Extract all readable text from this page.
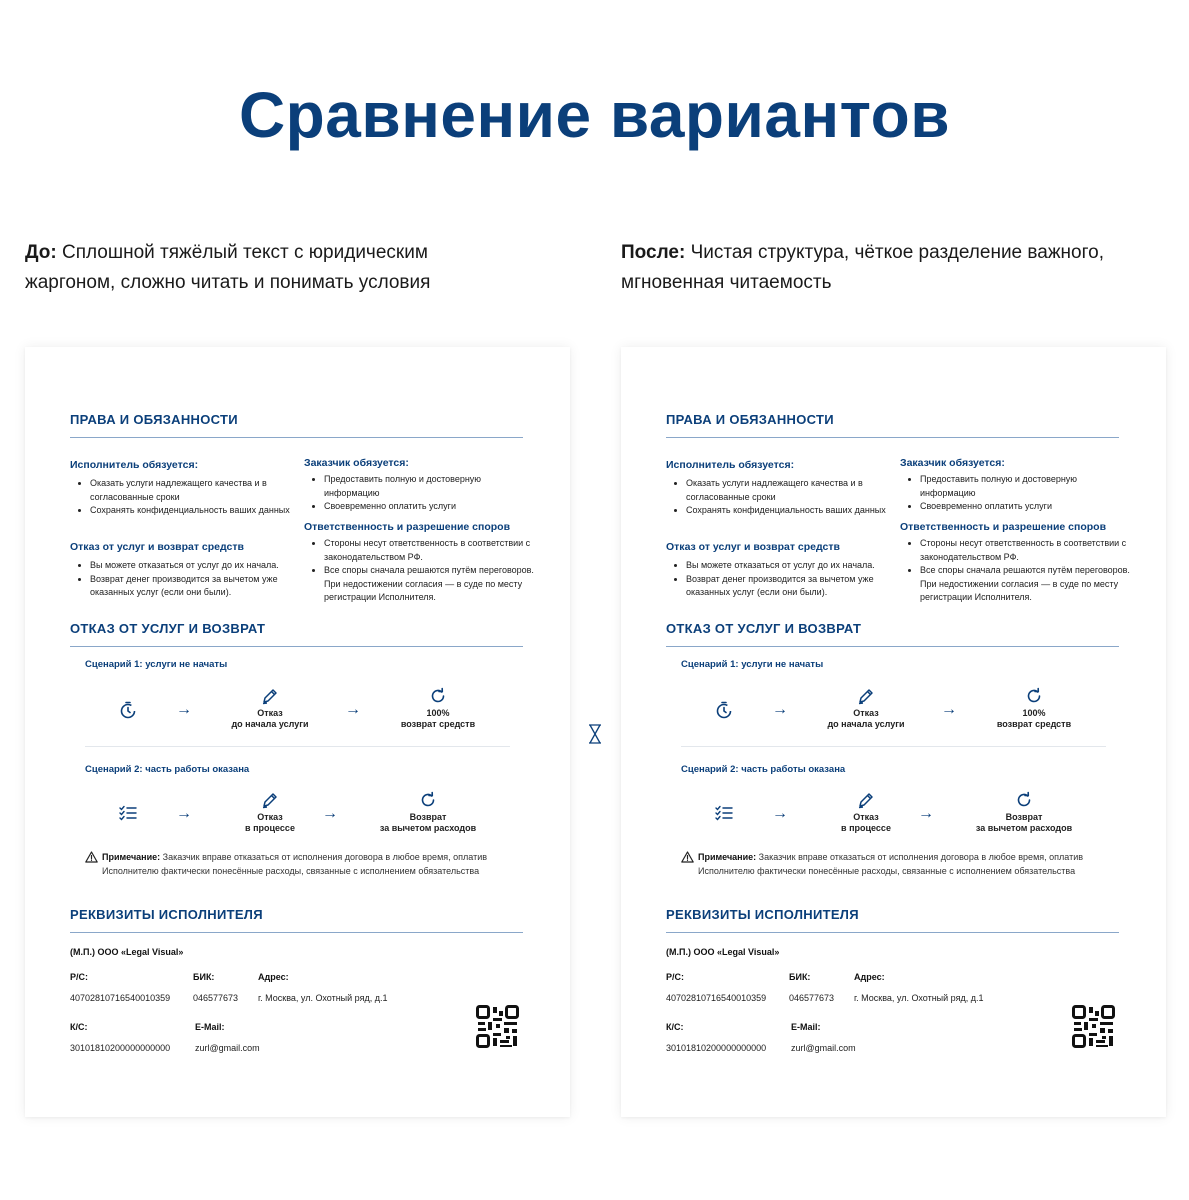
Сравнение вариантов
До: Сплошной тяжёлый текст с юридическим жаргоном, сложно читать и понимать условия
После: Чистая структура, чёткое разделение важного, мгновенная читаемость
ПРАВА И ОБЯЗАННОСТИ
Исполнитель обязуется:
• Оказать услуги надлежащего качества и в согласованные сроки
• Сохранять конфиденциальность ваших данных
Отказ от услуг и возврат средств
• Вы можете отказаться от услуг до их начала.
• Возврат денег производится за вычетом уже оказанных услуг (если они были).
Заказчик обязуется:
• Предоставить полную и достоверную информацию
• Своевременно оплатить услуги
Ответственность и разрешение споров
• Стороны несут ответственность в соответствии с законодательством РФ.
• Все споры сначала решаются путём переговоров. При недостижении согласия — в суде по месту регистрации Исполнителя.
ОТКАЗ ОТ УСЛУГ И ВОЗВРАТ
Сценарий 1: услуги не начаты
→	Отказ
до начала услуги
→	100%
возврат средств
Сценарий 2: часть работы оказана
→	Отказ
в процессе
→	Возврат
за вычетом расходов
Примечание: Заказчик вправе отказаться от исполнения договора в любое время, оплатив Исполнителю фактически понесённые расходы, связанные с исполнением обязательства
РЕКВИЗИТЫ ИСПОЛНИТЕЛЯ
(М.П.) ООО «Legal Visual»
Р/С:
40702810716540010359
БИК:
046577673
Адрес:
г. Москва, ул. Охотный ряд, д.1
К/С:
30101810200000000000
E-Mail:
zurl@gmail.com
ПРАВА И ОБЯЗАННОСТИ
Исполнитель обязуется:
• Оказать услуги надлежащего качества и в согласованные сроки
• Сохранять конфиденциальность ваших данных
Отказ от услуг и возврат средств
• Вы можете отказаться от услуг до их начала.
• Возврат денег производится за вычетом уже оказанных услуг (если они были).
Заказчик обязуется:
• Предоставить полную и достоверную информацию
• Своевременно оплатить услуги
Ответственность и разрешение споров
• Стороны несут ответственность в соответствии с законодательством РФ.
• Все споры сначала решаются путём переговоров. При недостижении согласия — в суде по месту регистрации Исполнителя.
ОТКАЗ ОТ УСЛУГ И ВОЗВРАТ
Сценарий 1: услуги не начаты
→	Отказ
до начала услуги
→	100%
возврат средств
Сценарий 2: часть работы оказана
→	Отказ
в процессе
→	Возврат
за вычетом расходов
Примечание: Заказчик вправе отказаться от исполнения договора в любое время, оплатив Исполнителю фактически понесённые расходы, связанные с исполнением обязательства
РЕКВИЗИТЫ ИСПОЛНИТЕЛЯ
(М.П.) ООО «Legal Visual»
Р/С:
40702810716540010359
БИК:
046577673
Адрес:
г. Москва, ул. Охотный ряд, д.1
К/С:
30101810200000000000
E-Mail:
zurl@gmail.com
